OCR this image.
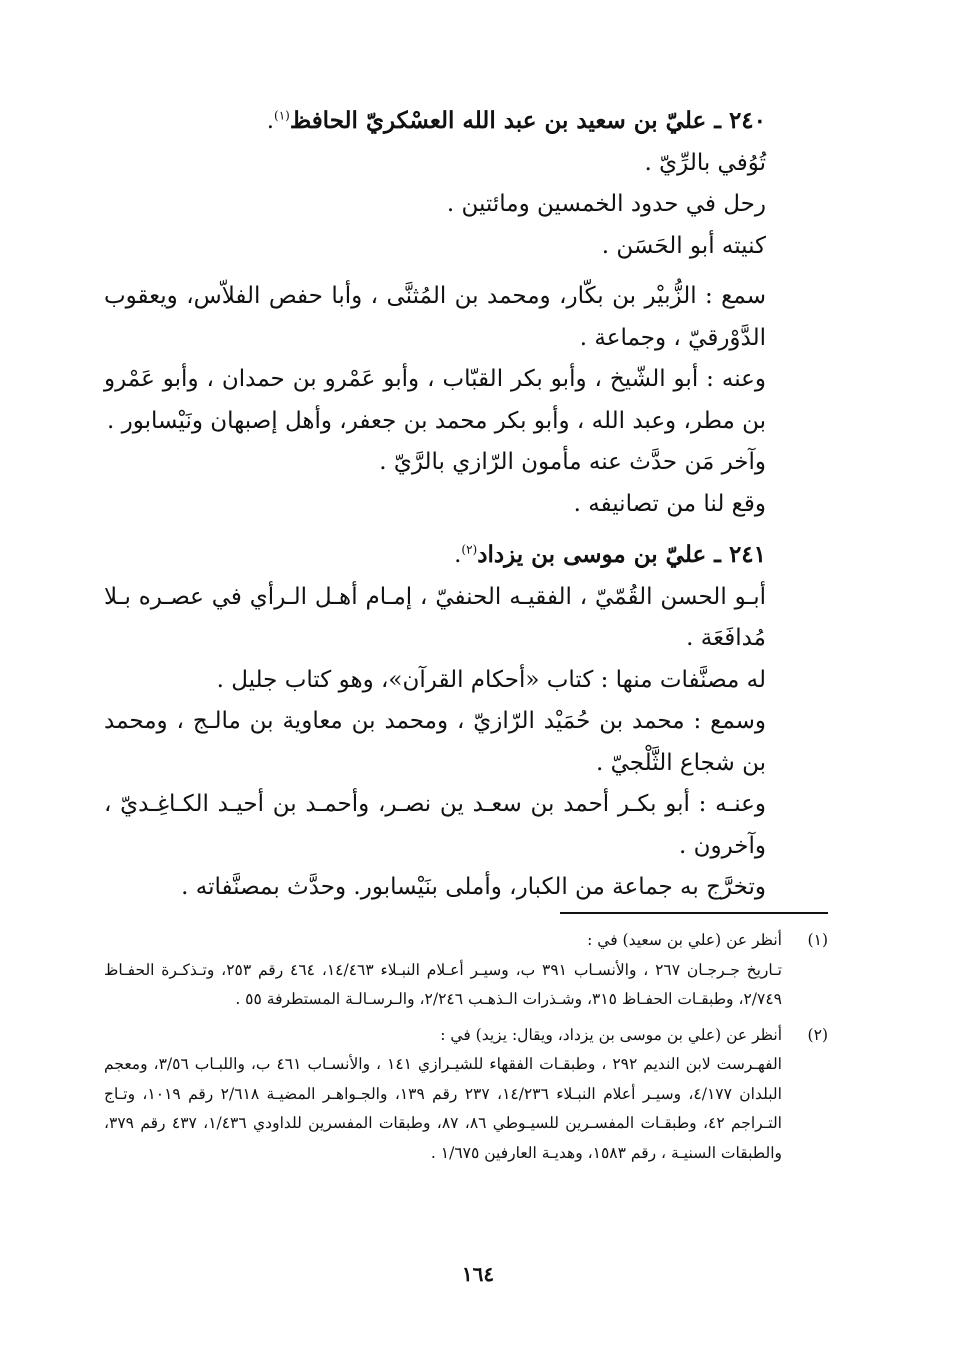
٢٤٠ ـ عليّ بن سعيد بن عبد الله العسْكريّ الحافظ$^{(١)}$.

تُوُفي بالرِّيّ .

رحل في حدود الخمسين ومائتين .

كنيته أبو الحَسَن .

سمع : الزُّبيْر بن بكّار، ومحمد بن المُثنَّى ، وأبا حفص الفلاّس، ويعقوب الدَّوْرقيّ ، وجماعة .

وعنه : أبو الشّيخ ، وأبو بكر القبّاب ، وأبو عَمْرو بن حمدان ، وأبو عَمْرو بن مطر، وعبد الله ، وأبو بكر محمد بن جعفر، وأهل إصبهان ونَيْسابور .

وآخر مَن حدَّث عنه مأمون الرّازي بالرَّيّ .

وقع لنا من تصانيفه .

٢٤١ ـ عليّ بن موسى بن يزداد$^{(٢)}$.

أبـو الحسن القُمّيّ ، الفقيـه الحنفيّ ، إمـام أهـل الـرأي في عصـره بـلا مُدافَعَة .

له مصنَّفات منها : كتاب «أحكام القرآن»، وهو كتاب جليل .

وسمع : محمد بن حُمَيْد الرّازيّ ، ومحمد بن معاوية بن مالـج ، ومحمد بن شجاع الثَّلْجيّ .

وعنـه : أبو بكـر أحمد بن سعـد ين نصـر، وأحمـد بن أحيـد الكـاغِـديّ ، وآخرون .

وتخرَّج به جماعة من الكبار، وأملى بنَيْسابور. وحدَّث بمصنَّفاته .

(١)

أنظر عن (علي بن سعيد) في :

تـاريخ جـرجـان ٢٦٧ ، والأنسـاب ٣٩١ ب، وسيـر أعـلام النبـلاء ١٤/٤٦٣، ٤٦٤ رقم ٢٥٣، وتـذكـرة الحفـاظ ٢/٧٤٩، وطبقـات الحفـاظ ٣١٥، وشـذرات الـذهـب ٢/٢٤٦، والـرسـالـة المستطرفة ٥٥ .

(٢)

أنظر عن (علي بن موسى بن يزداد، ويقال: يزيد) في :

الفهـرست لابن النديم ٢٩٢ ، وطبقـات الفقهاء للشيـرازي ١٤١ ، والأنسـاب ٤٦١ ب، واللبـاب ٣/٥٦، ومعجم البلدان ٤/١٧٧، وسيـر أعلام النبـلاء ١٤/٢٣٦، ٢٣٧ رقم ١٣٩، والجـواهـر المضيـة ٢/٦١٨ رقم ١٠١٩، وتـاج التـراجم ٤٢، وطبقـات المفسـرين للسيـوطي ٨٦، ٨٧، وطبقات المفسرين للداودي ١/٤٣٦، ٤٣٧ رقم ٣٧٩، والطبقات السنيـة ، رقم ١٥٨٣، وهديـة العارفين ١/٦٧٥ .

١٦٤
